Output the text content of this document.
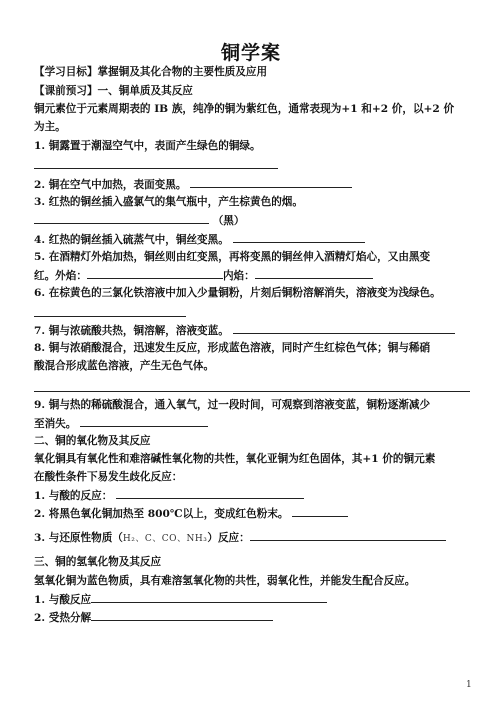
铜学案
【学习目标】掌握铜及其化合物的主要性质及应用
【课前预习】一、铜单质及其反应
铜元素位于元素周期表的 IB 族，纯净的铜为紫红色，通常表现为+1 和+2 价，以+2 价
为主。
1. 铜露置于潮湿空气中，表面产生绿色的铜绿。
2. 铜在空气中加热，表面变黑。
3. 红热的铜丝插入盛氯气的集气瓶中，产生棕黄色的烟。
（黑）
4. 红热的铜丝插入硫蒸气中，铜丝变黑。
5. 在酒精灯外焰加热，铜丝则由红变黑，再将变黑的铜丝伸入酒精灯焰心，又由黑变
红。外焰：	内焰：
6. 在棕黄色的三氯化铁溶液中加入少量铜粉，片刻后铜粉溶解消失，溶液变为浅绿色。
7. 铜与浓硫酸共热，铜溶解，溶液变蓝。
8. 铜与浓硝酸混合，迅速发生反应，形成蓝色溶液，同时产生红棕色气体；铜与稀硝
酸混合形成蓝色溶液，产生无色气体。
9. 铜与热的稀硫酸混合，通入氧气，过一段时间，可观察到溶液变蓝，铜粉逐渐减少
至消失。
二、铜的氧化物及其反应
氧化铜具有氧化性和难溶碱性氧化物的共性，氧化亚铜为红色固体，其+1 价的铜元素
在酸性条件下易发生歧化反应：
1. 与酸的反应：
2. 将黑色氧化铜加热至 800℃以上，变成红色粉末。
3. 与还原性物质（H₂、C、CO、NH₃）反应：
三、铜的氢氧化物及其反应
氢氧化铜为蓝色物质，具有难溶氢氧化物的共性，弱氧化性，并能发生配合反应。
1. 与酸反应
2. 受热分解
1
